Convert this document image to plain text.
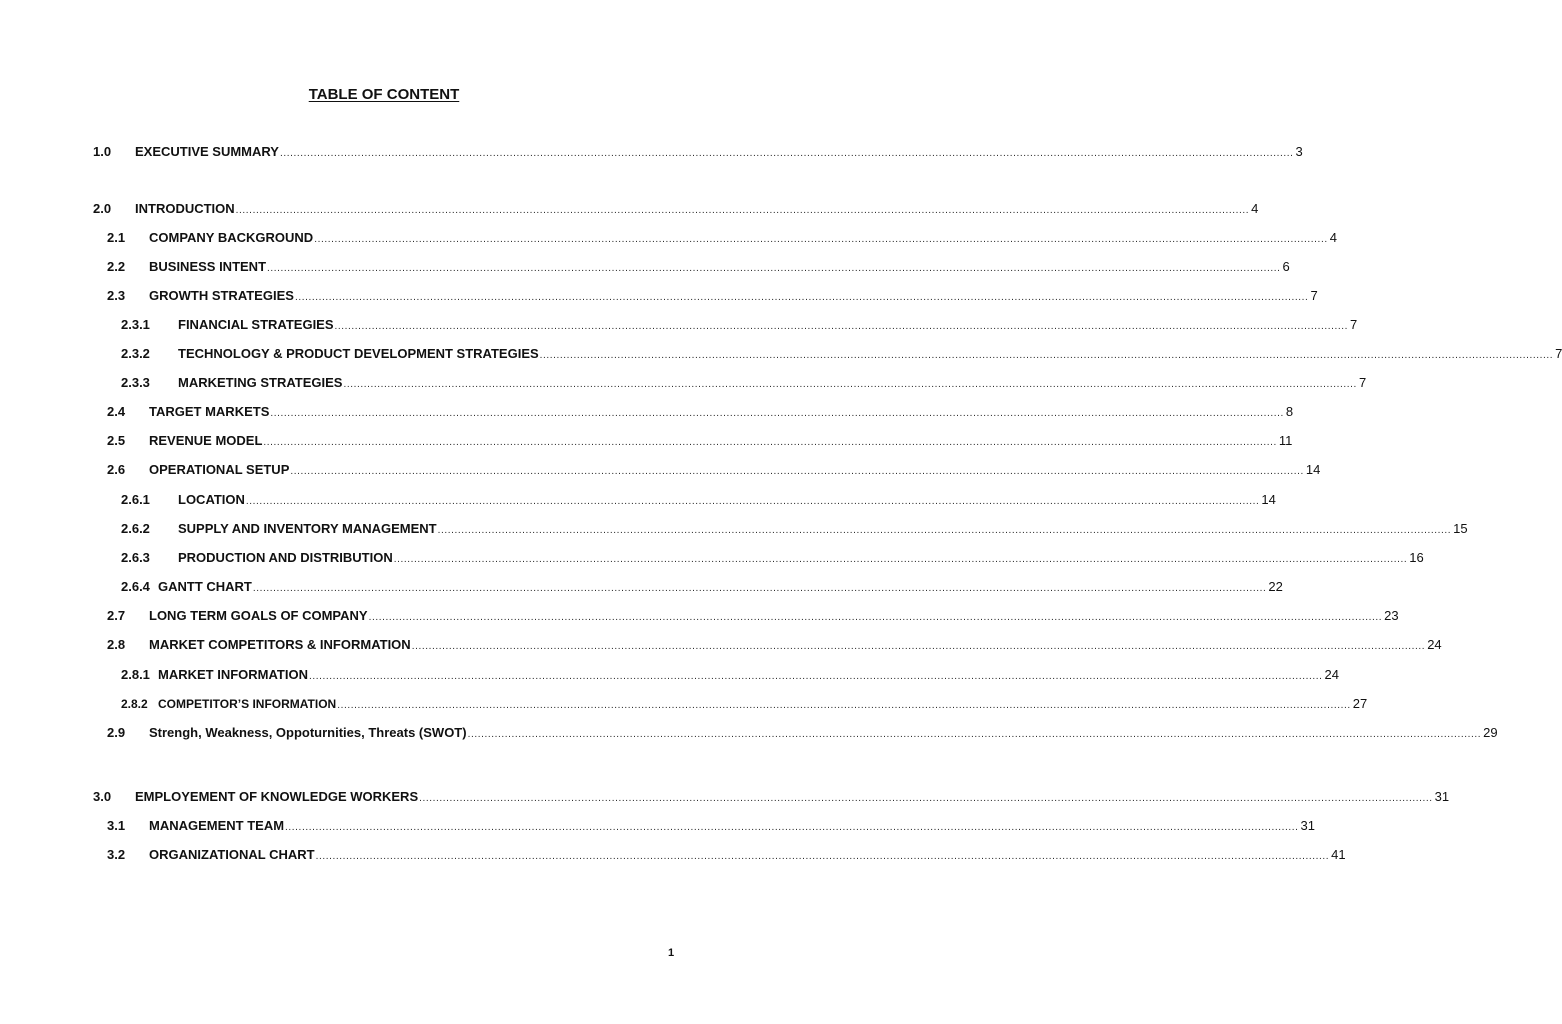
TABLE OF CONTENT
1.0	EXECUTIVE SUMMARY ............................................................................................................................................................................................................................................................................................................ 3
2.0	INTRODUCTION ............................................................................................................................................................................................................................................................................................................ 4
2.1	COMPANY BACKGROUND ............................................................................................................................................................................................................................................................................................................ 4
2.2	BUSINESS INTENT ............................................................................................................................................................................................................................................................................................................ 6
2.3	GROWTH STRATEGIES ............................................................................................................................................................................................................................................................................................................ 7
2.3.1	FINANCIAL STRATEGIES ............................................................................................................................................................................................................................................................................................................ 7
2.3.2	TECHNOLOGY & PRODUCT DEVELOPMENT STRATEGIES ............................................................................................................................................................................................................................................................................................................ 7
2.3.3	MARKETING STRATEGIES ............................................................................................................................................................................................................................................................................................................ 7
2.4	TARGET MARKETS ............................................................................................................................................................................................................................................................................................................ 8
2.5	REVENUE MODEL ............................................................................................................................................................................................................................................................................................................ 11
2.6	OPERATIONAL SETUP ............................................................................................................................................................................................................................................................................................................ 14
2.6.1	LOCATION ............................................................................................................................................................................................................................................................................................................ 14
2.6.2	SUPPLY AND INVENTORY MANAGEMENT ............................................................................................................................................................................................................................................................................................................ 15
2.6.3	PRODUCTION AND DISTRIBUTION ............................................................................................................................................................................................................................................................................................................ 16
2.6.4 GANTT CHART ............................................................................................................................................................................................................................................................................................................ 22
2.7	LONG TERM GOALS OF COMPANY ............................................................................................................................................................................................................................................................................................................ 23
2.8	MARKET COMPETITORS & INFORMATION ............................................................................................................................................................................................................................................................................................................ 24
2.8.1 MARKET INFORMATION ............................................................................................................................................................................................................................................................................................................ 24
2.8.2 COMPETITOR’S INFORMATION ............................................................................................................................................................................................................................................................................................................ 27
2.9	Strengh, Weakness, Oppoturnities, Threats (SWOT) ............................................................................................................................................................................................................................................................................................................ 29
3.0	EMPLOYEMENT OF KNOWLEDGE WORKERS ............................................................................................................................................................................................................................................................................................................ 31
3.1	MANAGEMENT TEAM ............................................................................................................................................................................................................................................................................................................ 31
3.2	ORGANIZATIONAL CHART ............................................................................................................................................................................................................................................................................................................ 41
1
